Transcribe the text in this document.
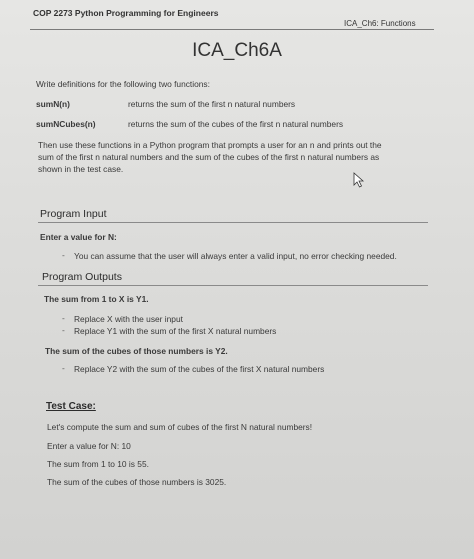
COP 2273 Python Programming for Engineers
ICA_Ch6: Functions
ICA_Ch6A
Write definitions for the following two functions:
sumN(n)	returns the sum of the first n natural numbers
sumNCubes(n)	returns the sum of the cubes of the first n natural numbers
Then use these functions in a Python program that prompts a user for an n and prints out the
sum of the first n natural numbers and the sum of the cubes of the first n natural numbers as
shown in the test case.
Program Input
Enter a value for N:
- You can assume that the user will always enter a valid input, no error checking needed.
Program Outputs
The sum from 1 to X is Y1.
- Replace X with the user input
- Replace Y1 with the sum of the first X natural numbers
The sum of the cubes of those numbers is Y2.
- Replace Y2 with the sum of the cubes of the first X natural numbers
Test Case:
Let's compute the sum and sum of cubes of the first N natural numbers!
Enter a value for N: 10
The sum from 1 to 10 is 55.
The sum of the cubes of those numbers is 3025.
